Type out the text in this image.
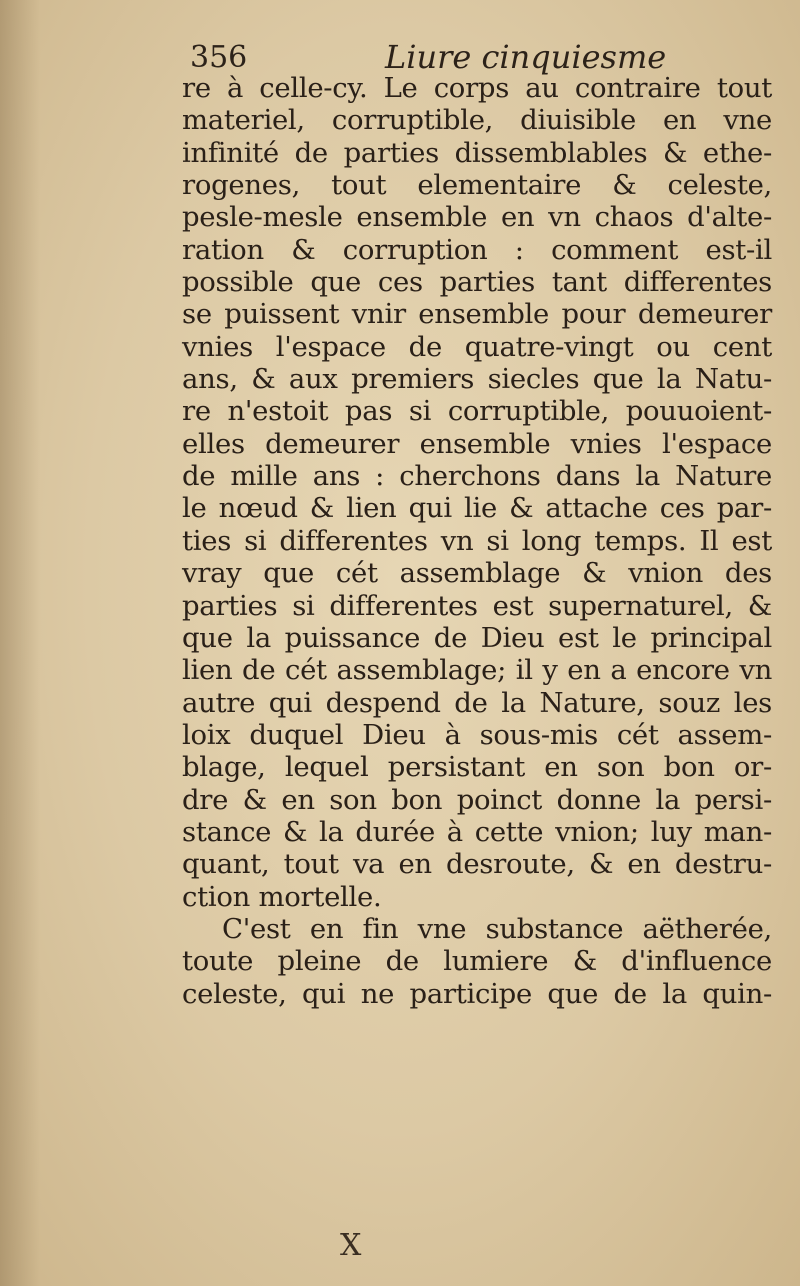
356	Liure cinquiesme
re à celle-cy. Le corps au contraire tout
materiel, corruptible, diuisible en vne
infinité de parties dissemblables & ethe-
rogenes, tout elementaire & celeste,
pesle-mesle ensemble en vn chaos d'alte-
ration & corruption : comment est-il
possible que ces parties tant differentes
se puissent vnir ensemble pour demeurer
vnies l'espace de quatre-vingt ou cent
ans, & aux premiers siecles que la Natu-
re n'estoit pas si corruptible, pouuoient-
elles demeurer ensemble vnies l'espace
de mille ans : cherchons dans la Nature
le nœud & lien qui lie & attache ces par-
ties si differentes vn si long temps. Il est
vray que cét assemblage & vnion des
parties si differentes est supernaturel, &
que la puissance de Dieu est le principal
lien de cét assemblage; il y en a encore vn
autre qui despend de la Nature, souz les
loix duquel Dieu à sous-mis cét assem-
blage, lequel persistant en son bon or-
dre & en son bon poinct donne la persi-
stance & la durée à cette vnion; luy man-
quant, tout va en desroute, & en destru-
ction mortelle.
C'est en fin vne substance aëtherée,
toute pleine de lumiere & d'influence
celeste, qui ne participe que de la quin-
X
